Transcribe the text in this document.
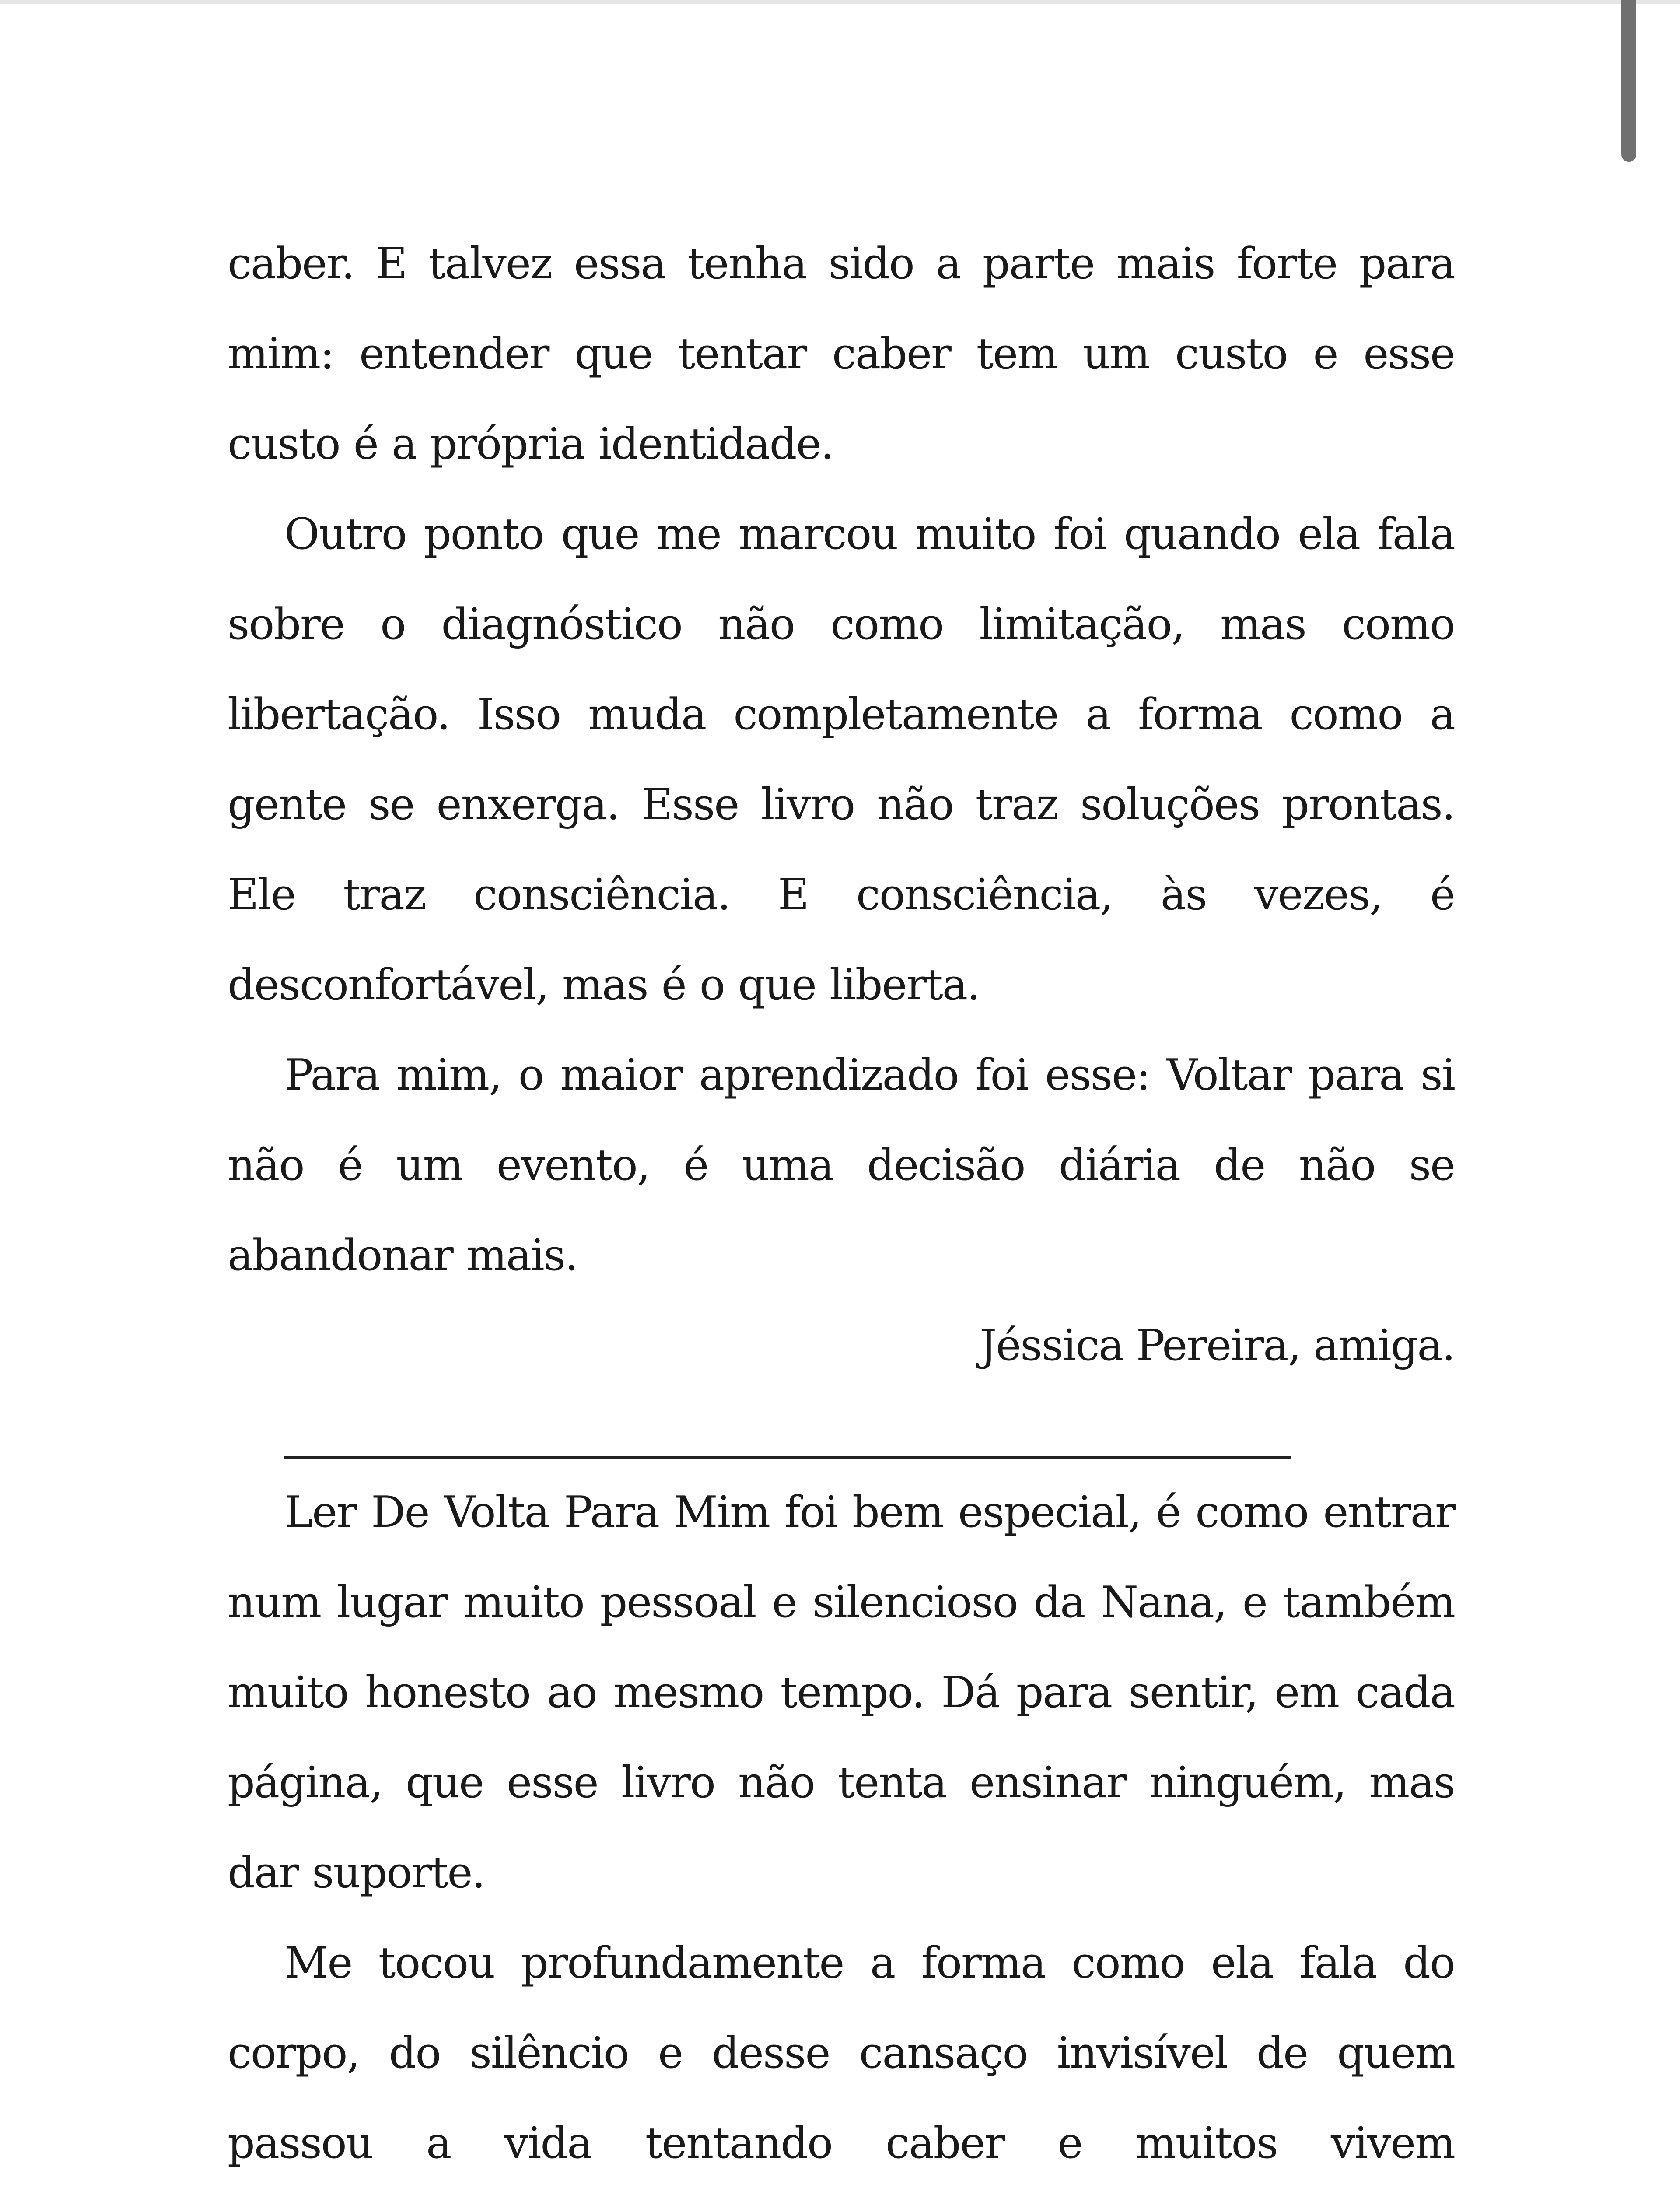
caber. E talvez essa tenha sido a parte mais forte para mim: entender que tentar caber tem um custo e esse custo é a própria identidade.

Outro ponto que me marcou muito foi quando ela fala sobre o diagnóstico não como limitação, mas como libertação. Isso muda completamente a forma como a gente se enxerga. Esse livro não traz soluções prontas. Ele traz consciência. E consciência, às vezes, é desconfortável, mas é o que liberta.

Para mim, o maior aprendizado foi esse: Voltar para si não é um evento, é uma decisão diária de não se abandonar mais.

Jéssica Pereira, amiga.

Ler De Volta Para Mim foi bem especial, é como entrar num lugar muito pessoal e silencioso da Nana, e também muito honesto ao mesmo tempo. Dá para sentir, em cada página, que esse livro não tenta ensinar ninguém, mas dar suporte.

Me tocou profundamente a forma como ela fala do corpo, do silêncio e desse cansaço invisível de quem passou a vida tentando caber e muitos vivem
